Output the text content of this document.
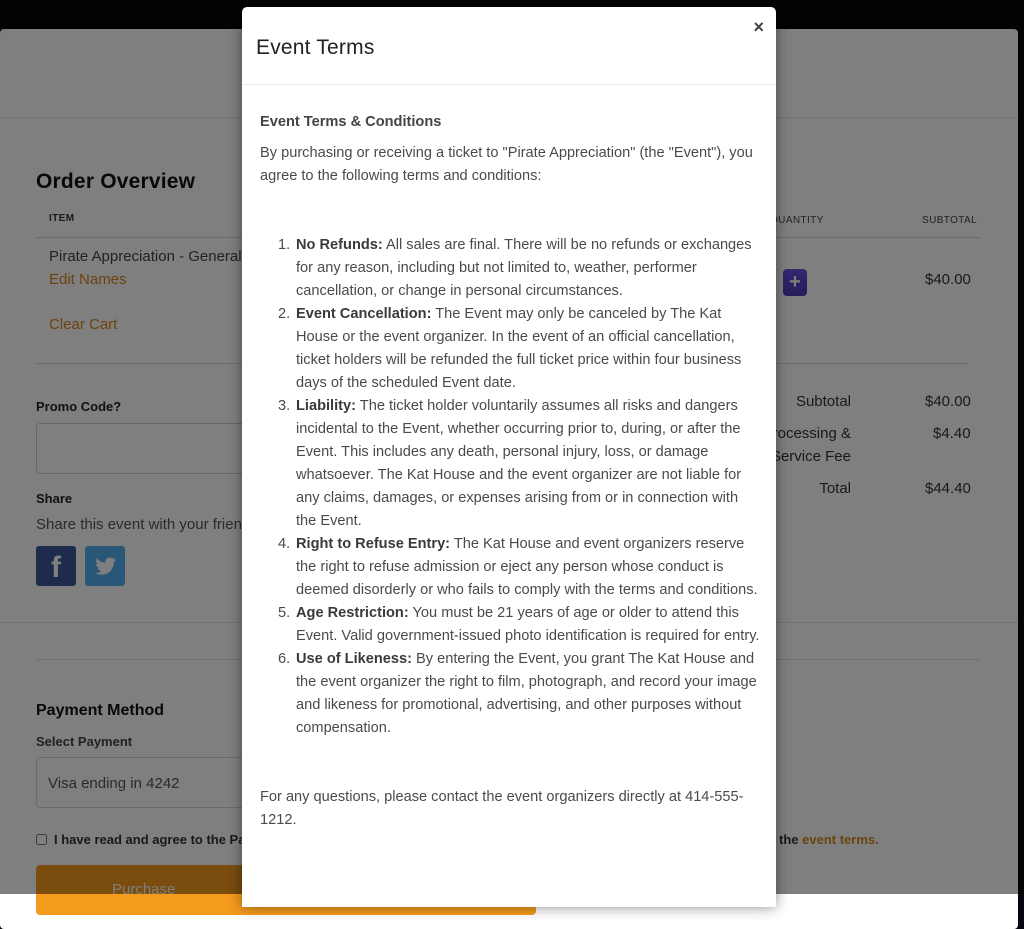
Event Terms
×
Event Terms & Conditions

By purchasing or receiving a ticket to "Pirate Appreciation" (the "Event"), you agree to the following terms and conditions:

1. No Refunds: All sales are final. There will be no refunds or exchanges for any reason, including but not limited to, weather, performer cancellation, or change in personal circumstances.
2. Event Cancellation: The Event may only be canceled by The Kat House or the event organizer. In the event of an official cancellation, ticket holders will be refunded the full ticket price within four business days of the scheduled Event date.
3. Liability: The ticket holder voluntarily assumes all risks and dangers incidental to the Event, whether occurring prior to, during, or after the Event. This includes any death, personal injury, loss, or damage whatsoever. The Kat House and the event organizer are not liable for any claims, damages, or expenses arising from or in connection with the Event.
4. Right to Refuse Entry: The Kat House and event organizers reserve the right to refuse admission or eject any person whose conduct is deemed disorderly or who fails to comply with the terms and conditions.
5. Age Restriction: You must be 21 years of age or older to attend this Event. Valid government-issued photo identification is required for entry.
6. Use of Likeness: By entering the Event, you grant The Kat House and the event organizer the right to film, photograph, and record your image and likeness for promotional, advertising, and other purposes without compensation.

For any questions, please contact the event organizers directly at 414-555-1212.
